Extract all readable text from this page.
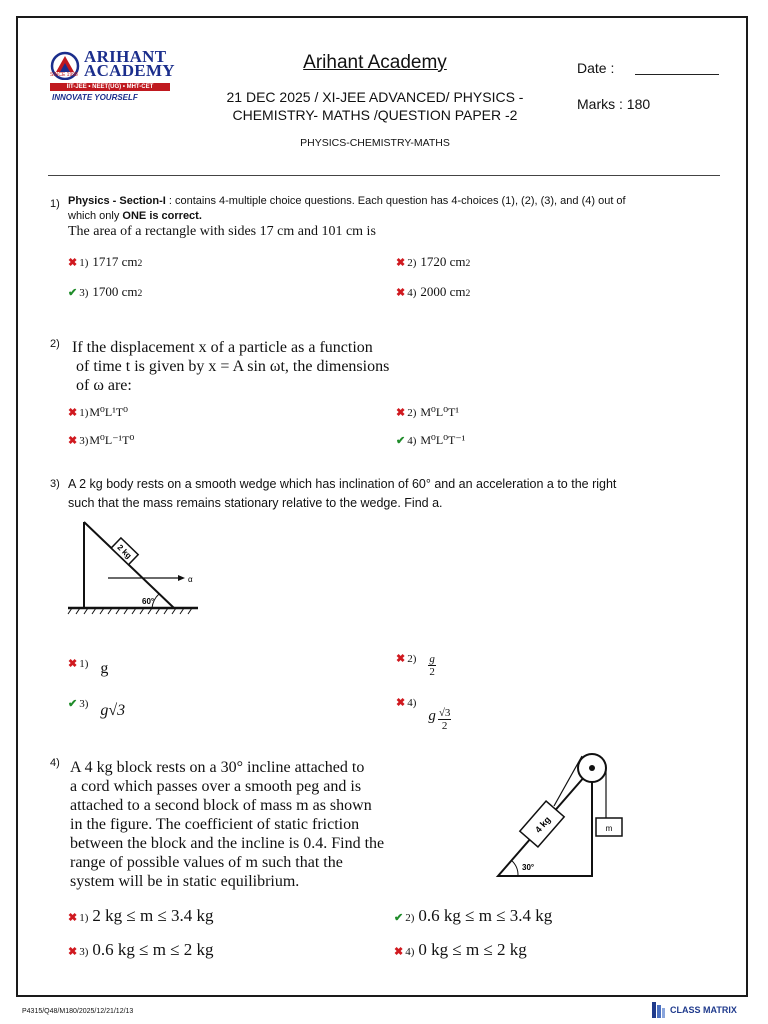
ARIHANT
ACADEMY
SINCE 1998
IIT-JEE • NEET(UG) • MHT-CET
INNOVATE YOURSELF
Arihant Academy
21 DEC 2025 / XI-JEE ADVANCED/ PHYSICS -
CHEMISTRY- MATHS /QUESTION PAPER -2
PHYSICS-CHEMISTRY-MATHS
Date :
Marks : 180
1) Physics - Section-I : contains 4-multiple choice questions. Each question has 4-choices (1), (2), (3), and (4) out of
which only ONE is correct.
The area of a rectangle with sides 17 cm and 101 cm is
✖ 1) 1717 cm 2	✖ 2) 1720 cm 2
✔ 3) 1700 cm 2	✖ 4) 2000 cm 2
2) If the displacement x of a particle as a function
of time t is given by x = A sin ωt, the dimensions
of ω are:
✖ 1) M⁰L¹T⁰	✖ 2) M⁰L⁰T¹
✖ 3) M⁰L⁻¹T⁰	✔ 4) M⁰L⁰T⁻¹
3) A 2 kg body rests on a smooth wedge which has inclination of 60° and an acceleration a to the right
such that the mass remains stationary relative to the wedge. Find a.
2 kg
α
60°
✖ 1) g
✖ $2) \frac{g}{2}$
✔ 3) g√3	✖ 4)
g $\frac{√3}{2}$
4) A 4 kg block rests on a 30° incline attached to
a cord which passes over a smooth peg and is
attached to a second block of mass m as shown
in the figure. The coefficient of static friction
between the block and the incline is 0.4. Find the
range of possible values of m such that the
system will be in static equilibrium.
4 kg	m
30°
✖ 1) 2 kg ≤ m ≤ 3.4 kg	✔ 2) 0.6 kg ≤ m ≤ 3.4 kg
✖ 3) 0.6 kg ≤ m ≤ 2 kg	✖ 4) 0 kg ≤ m ≤ 2 kg
P4315/Q48/M180/2025/12/21/12/13	CLASS MATRIX
